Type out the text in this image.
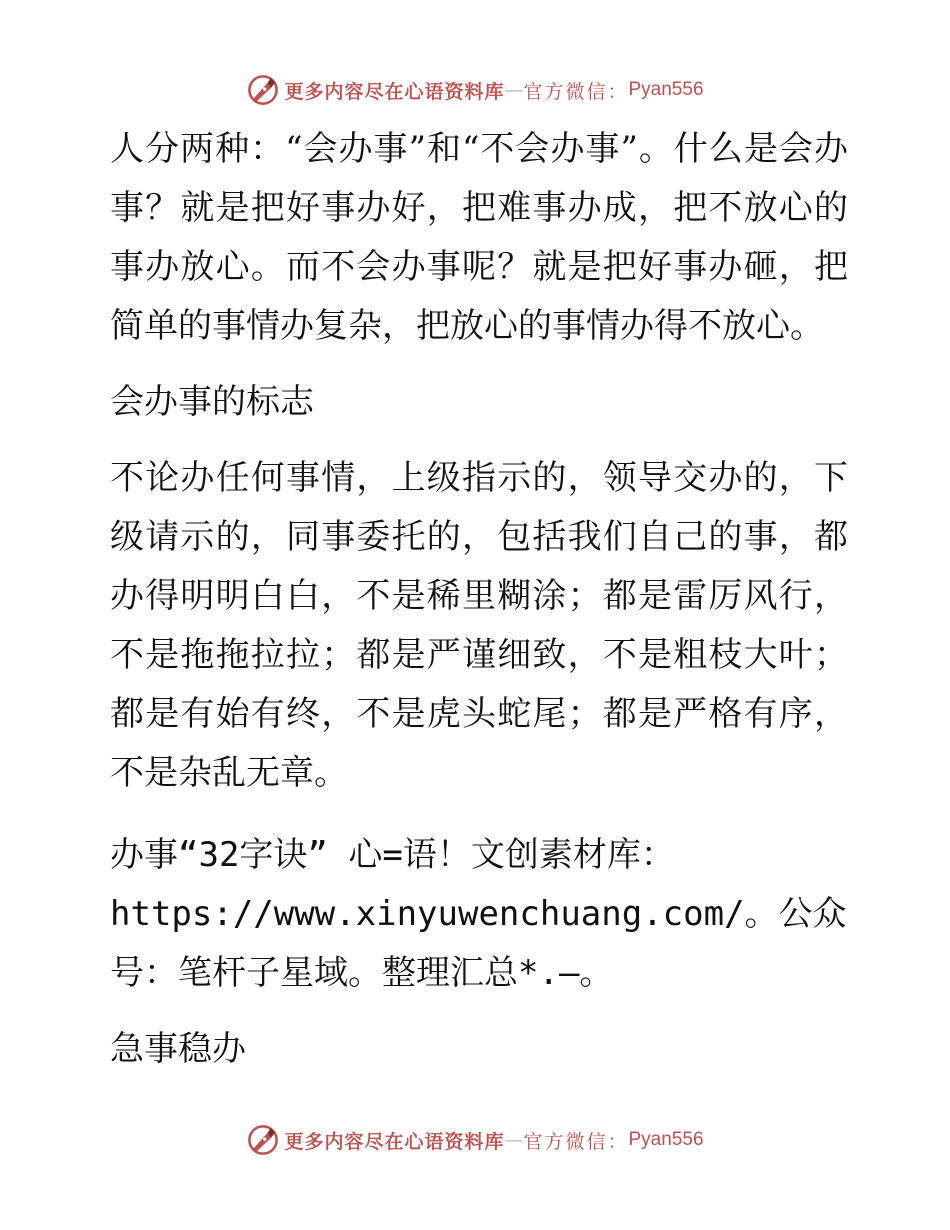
更多内容尽在心语资料库 — 官方微信： Pyan556

人分两种：“会办事”和“不会办事”。什么是会办事？就是把好事办好，把难事办成，把不放心的事办放心。而不会办事呢？就是把好事办砸，把简单的事情办复杂，把放心的事情办得不放心。

会办事的标志

不论办任何事情，上级指示的，领导交办的，下级请示的，同事委托的，包括我们自己的事，都办得明明白白，不是稀里糊涂；都是雷厉风行，不是拖拖拉拉；都是严谨细致，不是粗枝大叶；都是有始有终，不是虎头蛇尾；都是严格有序，不是杂乱无章。

办事“32字诀” 心=语！文创素材库：https://www.xinyuwenchuang.com/。公众号：笔杆子星域。整理汇总*.—。

急事稳办

更多内容尽在心语资料库 — 官方微信： Pyan556
